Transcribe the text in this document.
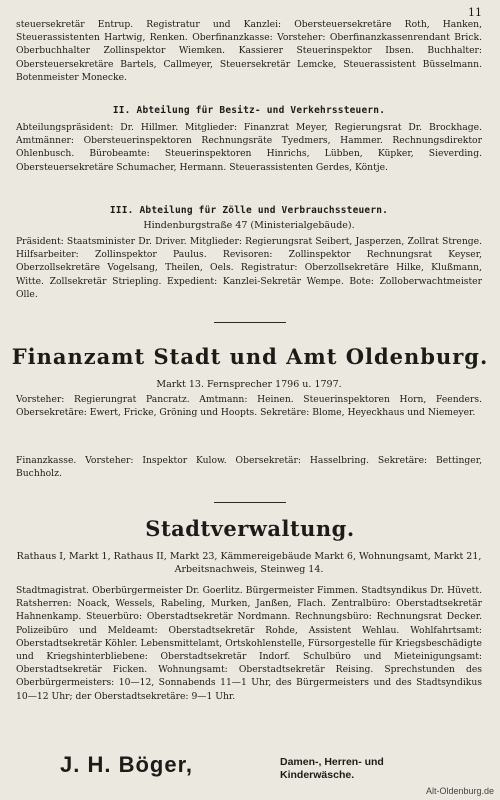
11
steuersekretär Entrup. Registratur und Kanzlei: Obersteuersekretäre Roth, Hanken, Steuerassistenten Hartwig, Renken. Oberfinanzkasse: Vorsteher: Oberfinanzkassenrendant Brick. Oberbuchhalter Zollinspektor Wiemken. Kassierer Steuerinspektor Ibsen. Buchhalter: Obersteuersekretäre Bartels, Callmeyer, Steuersekretär Lemcke, Steuerassistent Büsselmann. Botenmeister Monecke.
II. Abteilung für Besitz- und Verkehrssteuern.
Abteilungspräsident: Dr. Hillmer. Mitglieder: Finanzrat Meyer, Regierungsrat Dr. Brockhage. Amtmänner: Obersteuerinspektoren Rechnungsräte Tyedmers, Hammer. Rechnungsdirektor Ohlenbusch. Bürobeamte: Steuerinspektoren Hinrichs, Lübben, Küpker, Sieverding. Obersteuersekretäre Schumacher, Hermann. Steuerassistenten Gerdes, Köntje.
III. Abteilung für Zölle und Verbrauchssteuern.
Hindenburgstraße 47 (Ministerialgebäude).
Präsident: Staatsminister Dr. Driver. Mitglieder: Regierungsrat Seibert, Jasperzen, Zollrat Strenge. Hilfsarbeiter: Zollinspektor Paulus. Revisoren: Zollinspektor Rechnungsrat Keyser, Oberzollsekretäre Vogelsang, Theilen, Oels. Registratur: Oberzollsekretäre Hilke, Klußmann, Witte. Zollsekretär Striepling. Expedient: Kanzlei-Sekretär Wempe. Bote: Zolloberwachtmeister Olle.
Finanzamt Stadt und Amt Oldenburg.
Markt 13. Fernsprecher 1796 u. 1797.
Vorsteher: Regierungrat Pancratz. Amtmann: Heinen. Steuerinspektoren Horn, Feenders. Obersekretäre: Ewert, Fricke, Gröning und Hoopts. Sekretäre: Blome, Heyeckhaus und Niemeyer.
Finanzkasse. Vorsteher: Inspektor Kulow. Obersekretär: Hasselbring. Sekretäre: Bettinger, Buchholz.
Stadtverwaltung.
Rathaus I, Markt 1, Rathaus II, Markt 23, Kämmereigebäude Markt 6, Wohnungsamt, Markt 21, Arbeitsnachweis, Steinweg 14.
Stadtmagistrat. Oberbürgermeister Dr. Goerlitz. Bürgermeister Fimmen. Stadtsyndikus Dr. Hüvett. Ratsherren: Noack, Wessels, Rabeling, Murken, Janßen, Flach. Zentralbüro: Oberstadtsekretär Hahnenkamp. Steuerbüro: Oberstadtsekretär Nordmann. Rechnungsbüro: Rechnungsrat Decker. Polizeibüro und Meldeamt: Oberstadtsekretär Rohde, Assistent Wehlau. Wohlfahrtsamt: Oberstadtsekretär Köhler. Lebensmittelamt, Ortskohlenstelle, Fürsorgestelle für Kriegsbeschädigte und Kriegshinterbliebene: Oberstadtsekretär Indorf. Schulbüro und Mieteinigungsamt: Oberstadtsekretär Ficken. Wohnungsamt: Oberstadtsekretär Reising. Sprechstunden des Oberbürgermeisters: 10—12, Sonnabends 11—1 Uhr, des Bürgermeisters und des Stadtsyndikus 10—12 Uhr; der Oberstadtsekretäre: 9—1 Uhr.
J. H. Böger,	Damen-, Herren- und
Kinderwäsche.
Alt-Oldenburg.de
